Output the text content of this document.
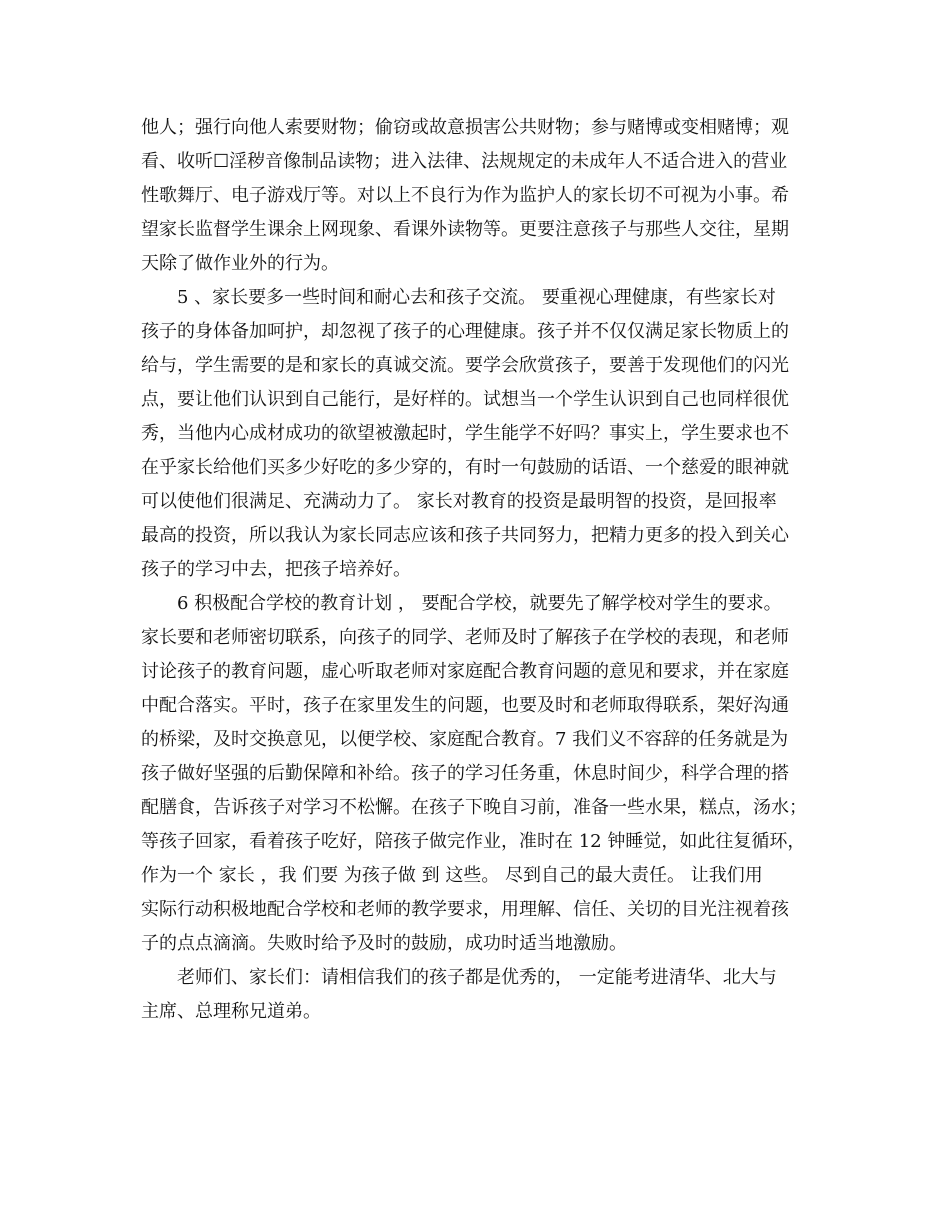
他人；强行向他人索要财物；偷窃或故意损害公共财物；参与赌博或变相赌博；观
看、收听☐淫秽音像制品读物；进入法律、法规规定的未成年人不适合进入的营业
性歌舞厅、电子游戏厅等。对以上不良行为作为监护人的家长切不可视为小事。希
望家长监督学生课余上网现象、看课外读物等。更要注意孩子与那些人交往，星期
天除了做作业外的行为。
5 、家长要多一些时间和耐心去和孩子交流。 要重视心理健康，有些家长对
孩子的身体备加呵护，却忽视了孩子的心理健康。孩子并不仅仅满足家长物质上的
给与，学生需要的是和家长的真诚交流。要学会欣赏孩子，要善于发现他们的闪光
点，要让他们认识到自己能行，是好样的。试想当一个学生认识到自己也同样很优
秀，当他内心成材成功的欲望被激起时，学生能学不好吗？事实上，学生要求也不
在乎家长给他们买多少好吃的多少穿的，有时一句鼓励的话语、一个慈爱的眼神就
可以使他们很满足、充满动力了。 家长对教育的投资是最明智的投资，是回报率
最高的投资，所以我认为家长同志应该和孩子共同努力，把精力更多的投入到关心
孩子的学习中去，把孩子培养好。
6 积极配合学校的教育计划 ， 要配合学校，就要先了解学校对学生的要求。
家长要和老师密切联系，向孩子的同学、老师及时了解孩子在学校的表现，和老师
讨论孩子的教育问题，虚心听取老师对家庭配合教育问题的意见和要求，并在家庭
中配合落实。平时，孩子在家里发生的问题，也要及时和老师取得联系，架好沟通
的桥梁，及时交换意见，以便学校、家庭配合教育。7 我们义不容辞的任务就是为
孩子做好坚强的后勤保障和补给。孩子的学习任务重，休息时间少，科学合理的搭
配膳食，告诉孩子对学习不松懈。在孩子下晚自习前，准备一些水果，糕点，汤水；
等孩子回家，看着孩子吃好，陪孩子做完作业，准时在 12 钟睡觉，如此往复循环，
作为一个 家长 ，我 们要 为孩子做 到 这些。 尽到自己的最大责任。 让我们用
实际行动积极地配合学校和老师的教学要求，用理解、信任、关切的目光注视着孩
子的点点滴滴。失败时给予及时的鼓励，成功时适当地激励。
老师们、家长们：请相信我们的孩子都是优秀的， 一定能考进清华、北大与
主席、总理称兄道弟。
